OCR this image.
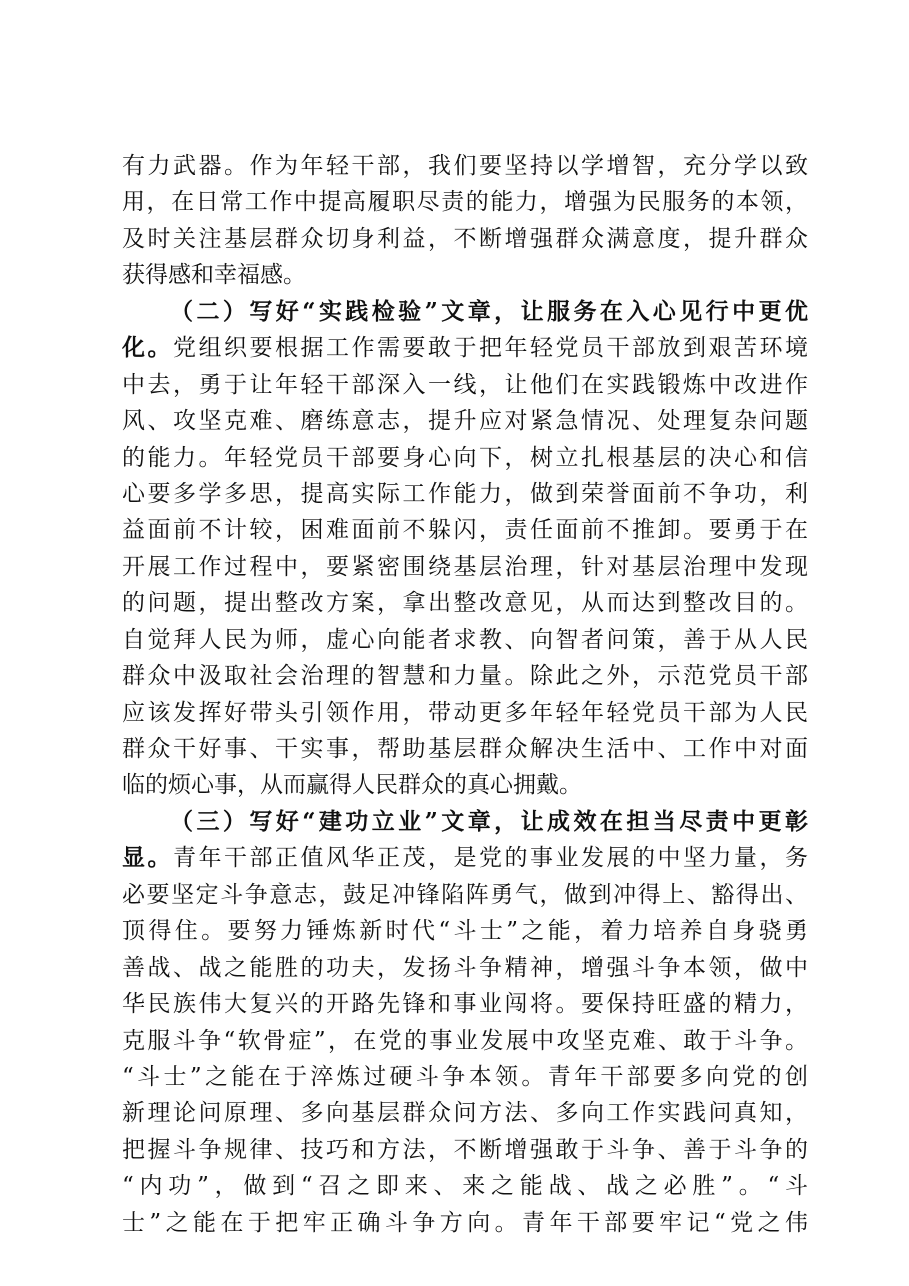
有力武器。作为年轻干部，我们要坚持以学增智，充分学以致
用，在日常工作中提高履职尽责的能力，增强为民服务的本领，
及时关注基层群众切身利益，不断增强群众满意度，提升群众
获得感和幸福感。
（二）写好“实践检验”文章，让服务在入心见行中更优
化。党组织要根据工作需要敢于把年轻党员干部放到艰苦环境
中去，勇于让年轻干部深入一线，让他们在实践锻炼中改进作
风、攻坚克难、磨练意志，提升应对紧急情况、处理复杂问题
的能力。年轻党员干部要身心向下，树立扎根基层的决心和信
心要多学多思，提高实际工作能力，做到荣誉面前不争功，利
益面前不计较，困难面前不躲闪，责任面前不推卸。要勇于在
开展工作过程中，要紧密围绕基层治理，针对基层治理中发现
的问题，提出整改方案，拿出整改意见，从而达到整改目的。
自觉拜人民为师，虚心向能者求教、向智者问策，善于从人民
群众中汲取社会治理的智慧和力量。除此之外，示范党员干部
应该发挥好带头引领作用，带动更多年轻年轻党员干部为人民
群众干好事、干实事，帮助基层群众解决生活中、工作中对面
临的烦心事，从而赢得人民群众的真心拥戴。
（三）写好“建功立业”文章，让成效在担当尽责中更彰
显。青年干部正值风华正茂，是党的事业发展的中坚力量，务
必要坚定斗争意志，鼓足冲锋陷阵勇气，做到冲得上、豁得出、
顶得住。要努力锤炼新时代“斗士”之能，着力培养自身骁勇
善战、战之能胜的功夫，发扬斗争精神，增强斗争本领，做中
华民族伟大复兴的开路先锋和事业闯将。要保持旺盛的精力，
克服斗争“软骨症”，在党的事业发展中攻坚克难、敢于斗争。
“斗士”之能在于淬炼过硬斗争本领。青年干部要多向党的创
新理论问原理、多向基层群众问方法、多向工作实践问真知，
把握斗争规律、技巧和方法，不断增强敢于斗争、善于斗争的
“内功”，做到“召之即来、来之能战、战之必胜”。“斗
士”之能在于把牢正确斗争方向。青年干部要牢记“党之伟
